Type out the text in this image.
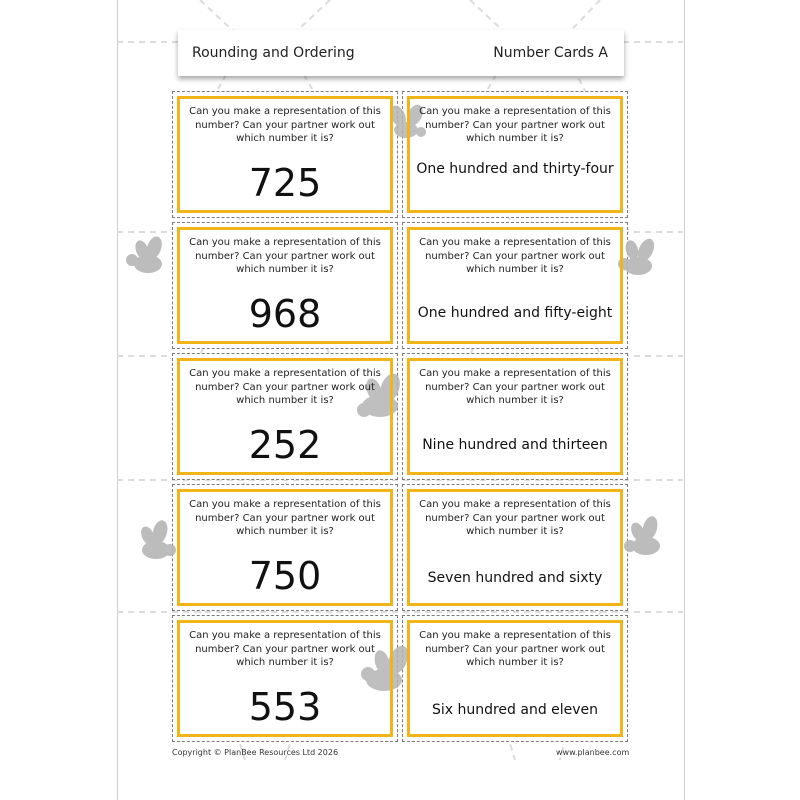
Rounding and Ordering	Number Cards A
Can you make a representation of this number? Can your partner work out which number it is?
725
Can you make a representation of this number? Can your partner work out which number it is?
968
Can you make a representation of this number? Can your partner work out which number it is?
252
Can you make a representation of this number? Can your partner work out which number it is?
750
Can you make a representation of this number? Can your partner work out which number it is?
553
Can you make a representation of this number? Can your partner work out which number it is?
One hundred and thirty-four
Can you make a representation of this number? Can your partner work out which number it is?
One hundred and fifty-eight
Can you make a representation of this number? Can your partner work out which number it is?
Nine hundred and thirteen
Can you make a representation of this number? Can your partner work out which number it is?
Seven hundred and sixty
Can you make a representation of this number? Can your partner work out which number it is?
Six hundred and eleven
Copyright © PlanBee Resources Ltd 2026	www.planbee.com
